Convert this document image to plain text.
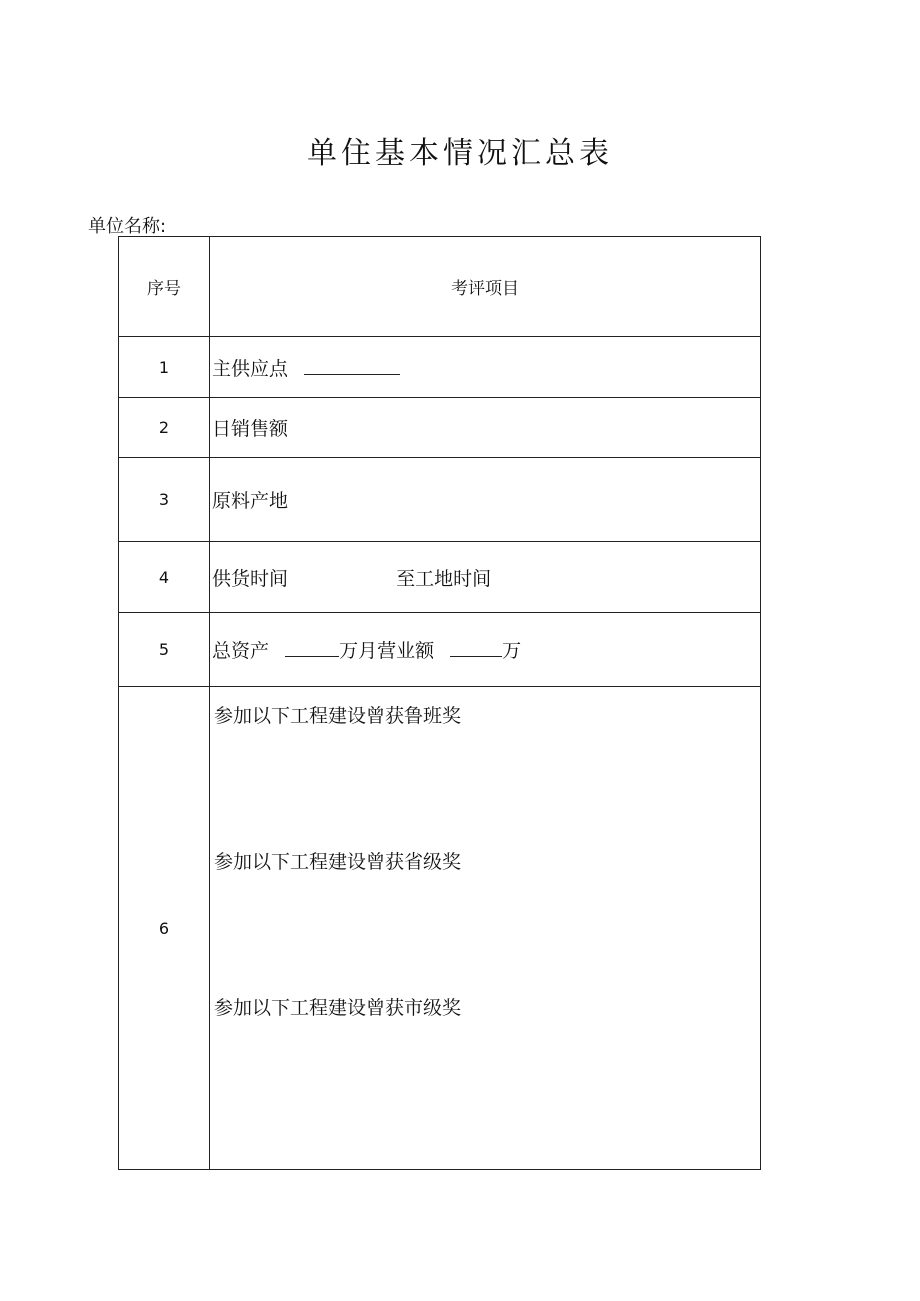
单住基本情况汇总表
单位名称:
序号	考评项目
1	主供应点
2	日销售额
3	原料产地
4	供货时间 至工地时间
5	总资产 万月营业额 万
6	参加以下工程建设曾获鲁班奖
参加以下工程建设曾获省级奖
参加以下工程建设曾获市级奖
